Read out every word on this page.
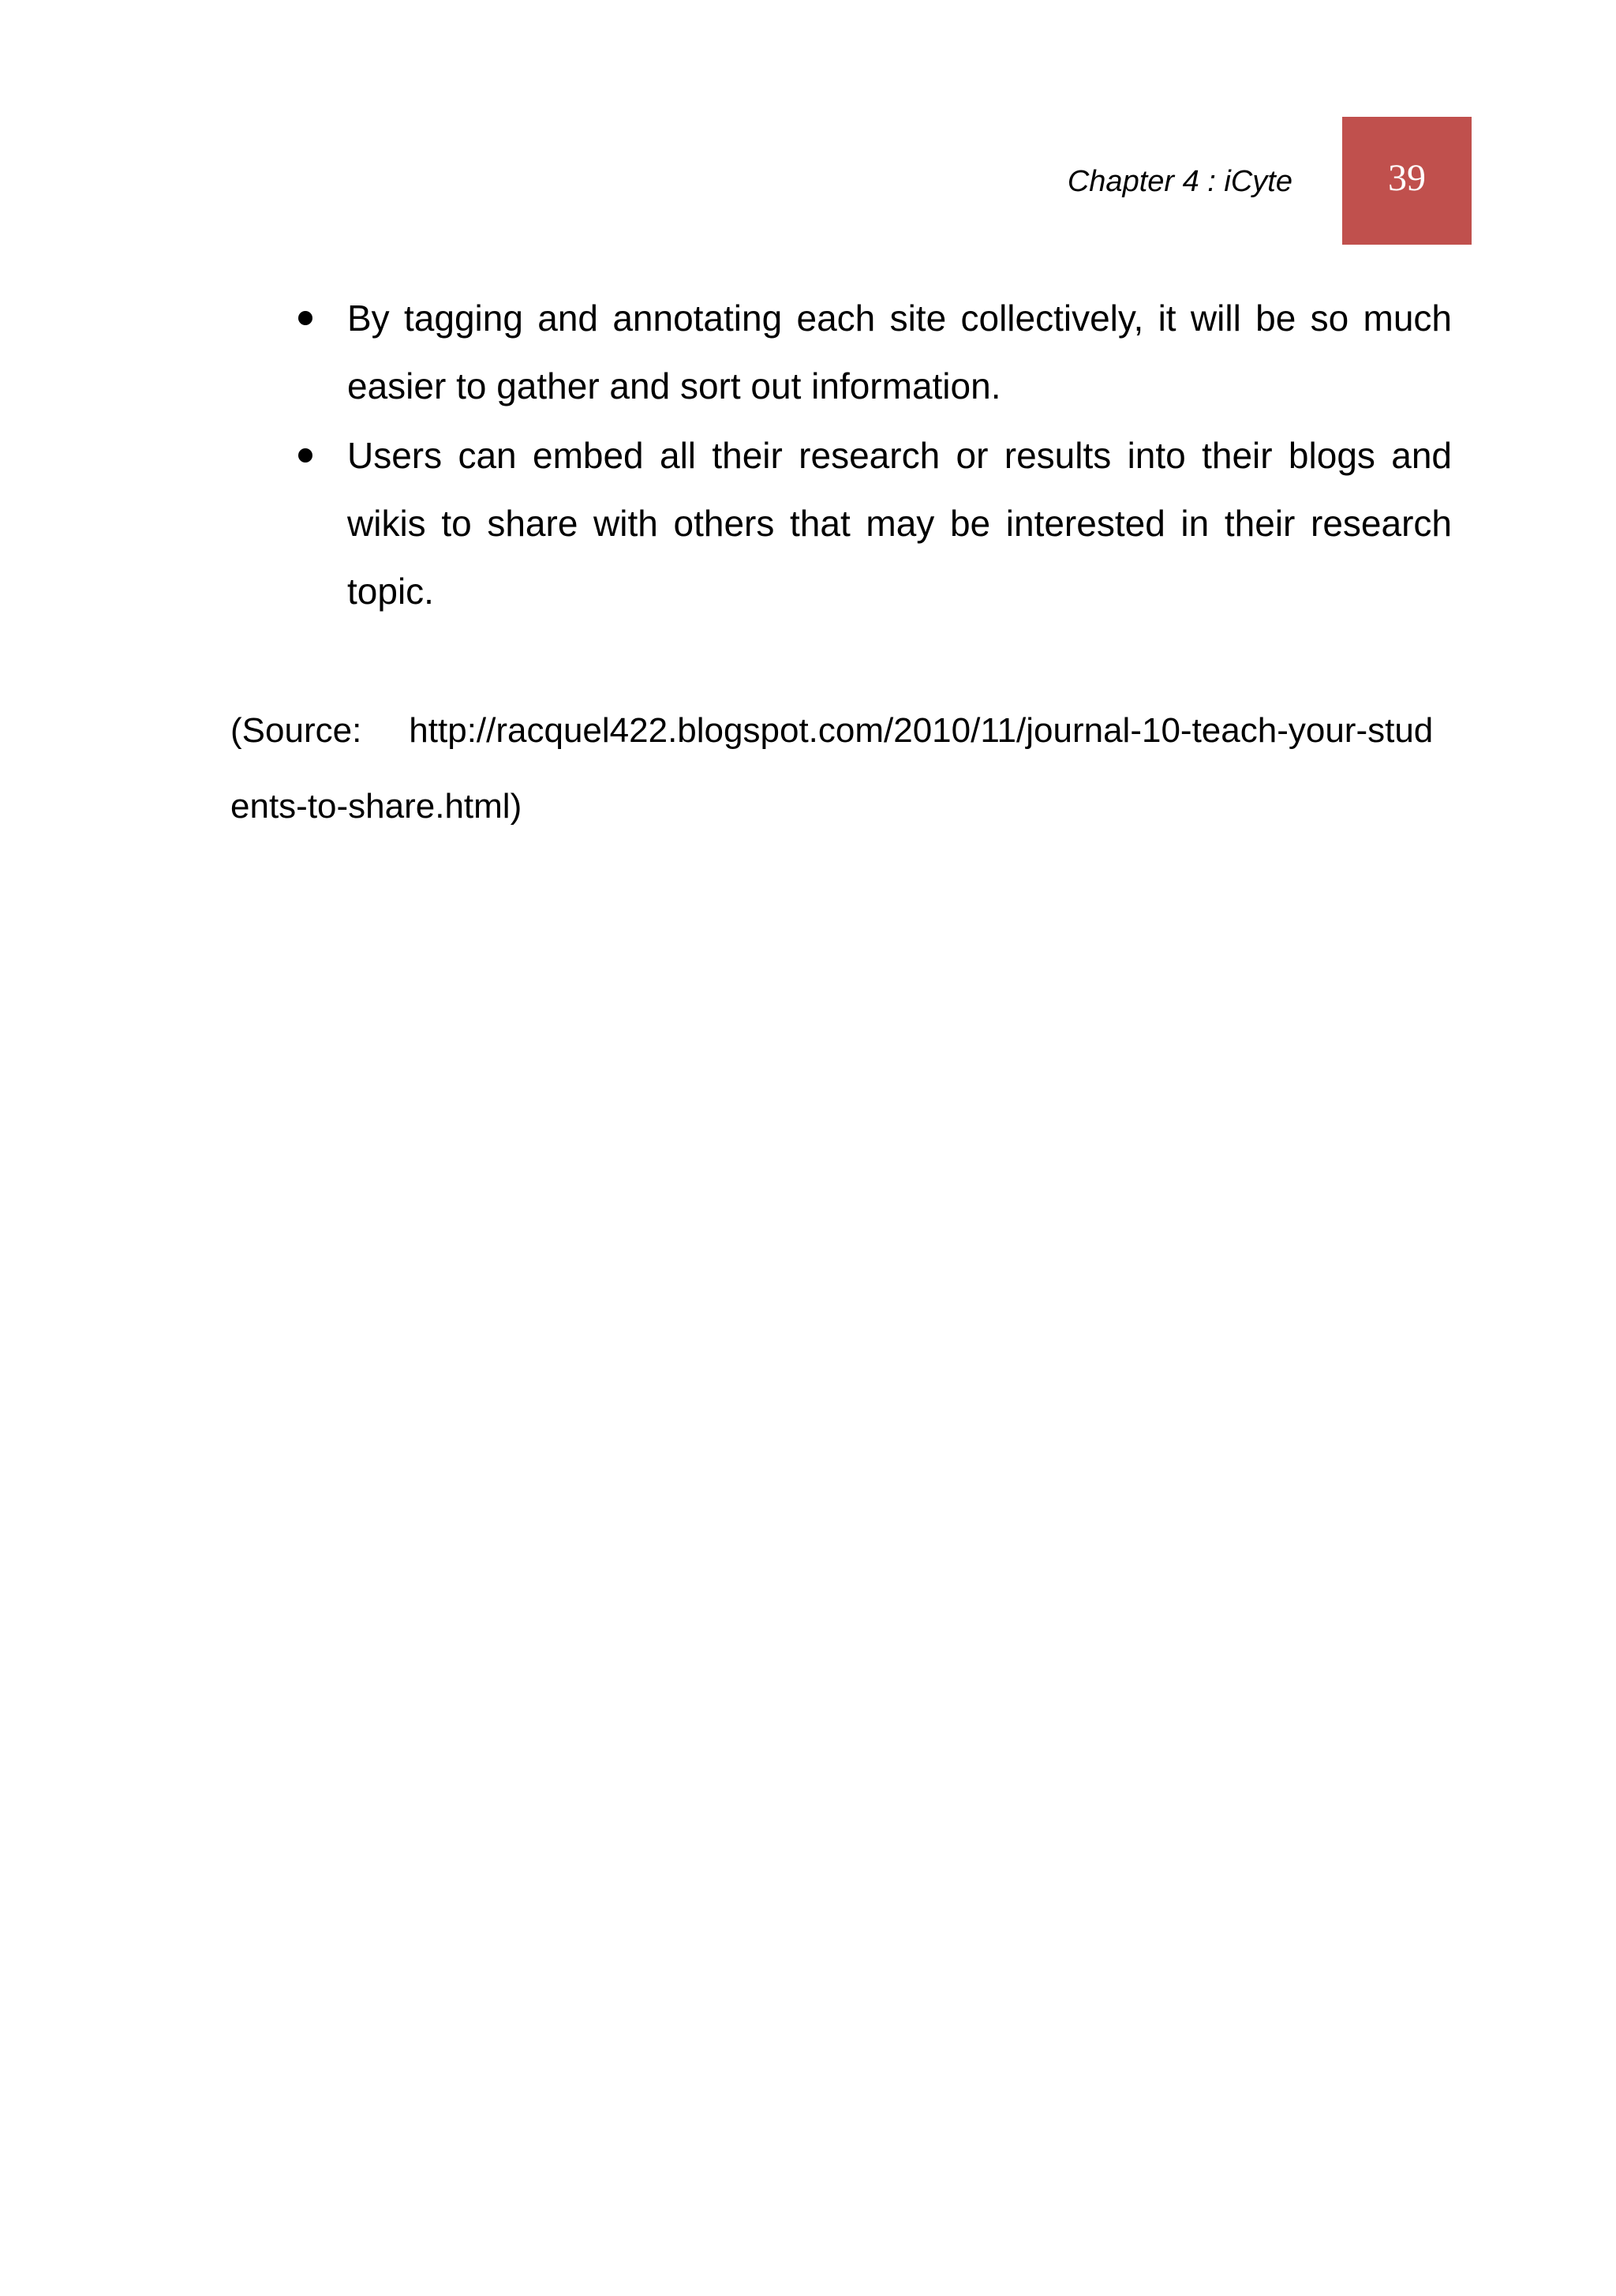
Chapter 4 : iCyte	39
By tagging and annotating each site collectively, it will be so much easier to gather and sort out information.
Users can embed all their research or results into their blogs and wikis to share with others that may be interested in their research topic.
(Source: http://racquel422.blogspot.com/2010/11/journal-10-teach-your-students-to-share.html)
